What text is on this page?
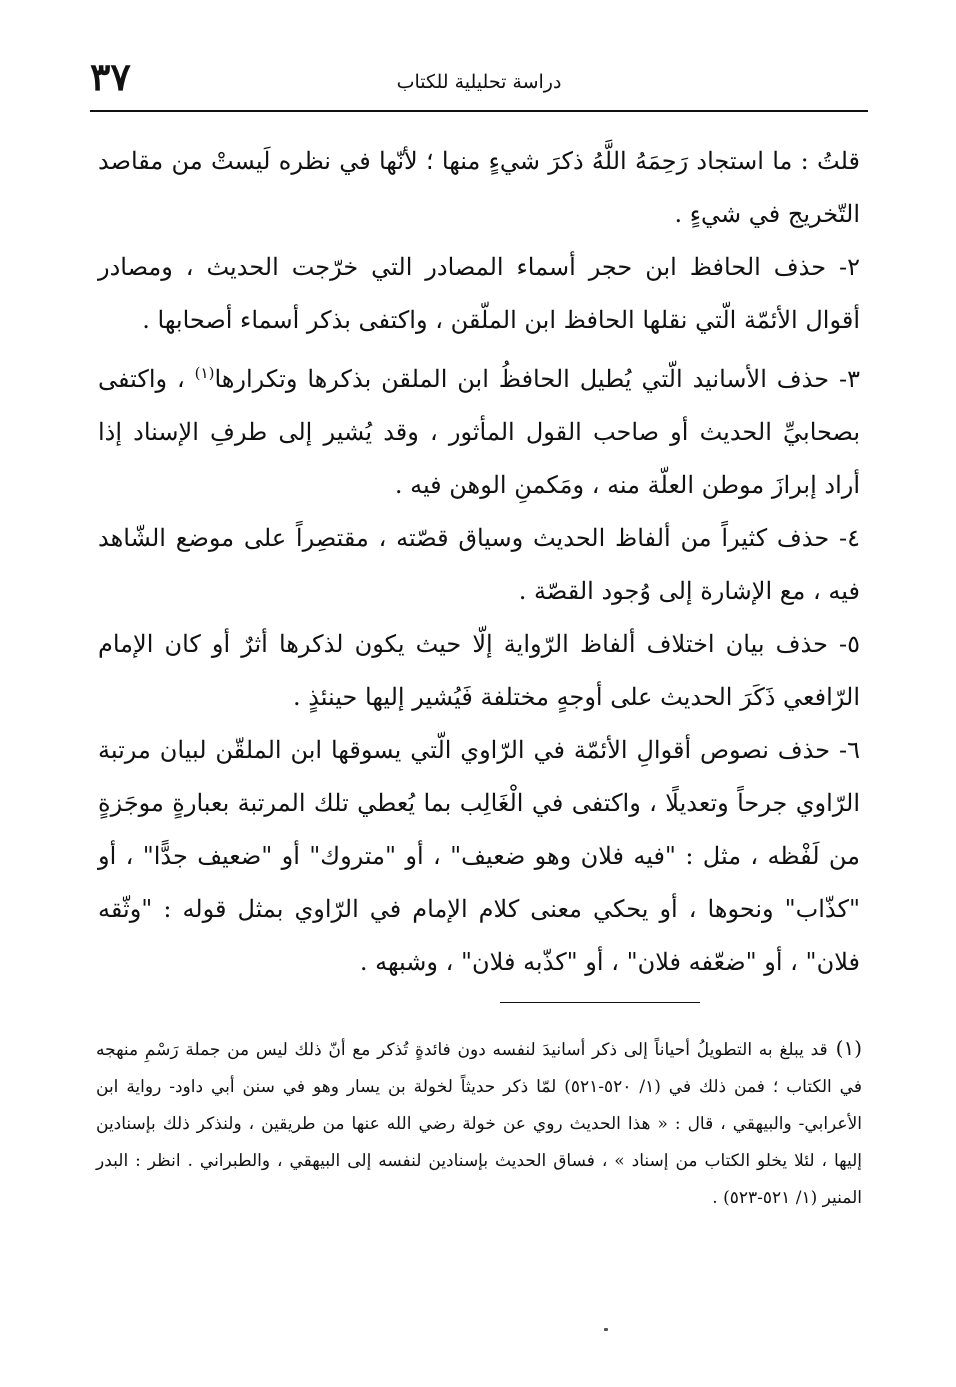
٣٧	دراسة تحليلية للكتاب

قلتُ : ما استجاد رَحِمَهُ اللَّهُ ذكرَ شيءٍ منها ؛ لأنّها في نظره لَيستْ من مقاصد التّخريج في شيءٍ .

٢- حذف الحافظ ابن حجر أسماء المصادر التي خرّجت الحديث ، ومصادر أقوال الأئمّة الّتي نقلها الحافظ ابن الملّقن ، واكتفى بذكر أسماء أصحابها .

٣- حذف الأسانيد الّتي يُطيل الحافظُ ابن الملقن بذكرها وتكرارها$^{(١)}$ ، واكتفى بصحابيِّ الحديث أو صاحب القول المأثور ، وقد يُشير إلى طرفِ الإسناد إذا أراد إبرازَ موطن العلّة منه ، ومَكمنِ الوهن فيه .

٤- حذف كثيراً من ألفاظ الحديث وسياق قصّته ، مقتصِراً على موضع الشّاهد فيه ، مع الإشارة إلى وُجود القصّة .

٥- حذف بيان اختلاف ألفاظ الرّواية إلّا حيث يكون لذكرها أثرٌ أو كان الإمام الرّافعي ذَكَرَ الحديث على أوجهٍ مختلفة فَيُشير إليها حينئذٍ .

٦- حذف نصوص أقوالِ الأئمّة في الرّاوي الّتي يسوقها ابن الملقّن لبيان مرتبة الرّاوي جرحاً وتعديلًا ، واكتفى في الْغَالِب بما يُعطي تلك المرتبة بعبارةٍ موجَزةٍ من لَفْظه ، مثل : "فيه فلان وهو ضعيف" ، أو "متروك" أو "ضعيف جدًّا" ، أو "كذّاب" ونحوها ، أو يحكي معنى كلام الإمام في الرّاوي بمثل قوله : "وثّقه فلان" ، أو "ضعّفه فلان" ، أو "كذّبه فلان" ، وشبهه .

(١)قد يبلغ به التطويلُ أحياناً إلى ذكر أسانيدَ لنفسه دون فائدةٍ تُذكر مع أنّ ذلك ليس من جملة رَسْمِ منهجه في الكتاب ؛ فمن ذلك في (١/ ٥٢٠-٥٢١) لمّا ذكر حديثاً لخولة بن يسار وهو في سنن أبي داود- رواية ابن الأعرابي- والبيهقي ، قال : « هذا الحديث روي عن خولة رضي الله عنها من طريقين ، ولنذكر ذلك بإسنادين إليها ، لئلا يخلو الكتاب من إسناد » ، فساق الحديث بإسنادين لنفسه إلى البيهقي ، والطبراني . انظر : البدر المنير (١/ ٥٢١-٥٢٣) .
